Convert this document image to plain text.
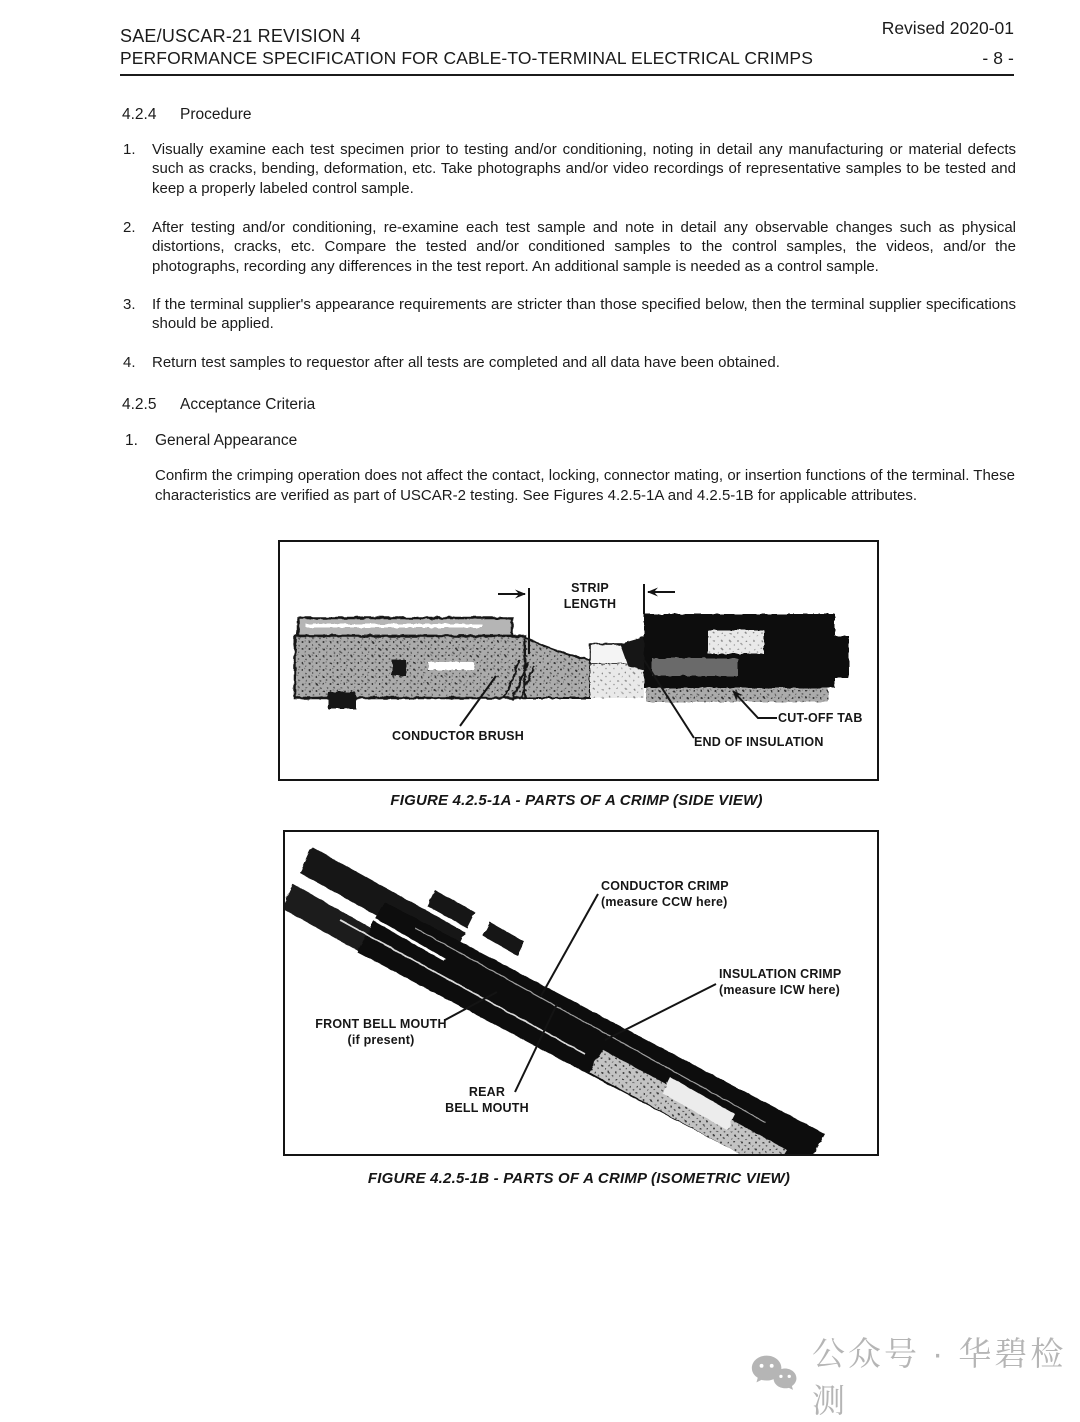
SAE/USCAR-21 REVISION 4	Revised 2020-01
PERFORMANCE SPECIFICATION FOR CABLE-TO-TERMINAL ELECTRICAL CRIMPS	- 8 -
4.2.4	Procedure
1.	Visually examine each test specimen prior to testing and/or conditioning, noting in detail any manufacturing or material defects such as cracks, bending, deformation, etc. Take photographs and/or video recordings of representative samples to be tested and keep a properly labeled control sample.
2.	After testing and/or conditioning, re-examine each test sample and note in detail any observable changes such as physical distortions, cracks, etc. Compare the tested and/or conditioned samples to the control samples, the videos, and/or the photographs, recording any differences in the test report. An additional sample is needed as a control sample.
3.	If the terminal supplier's appearance requirements are stricter than those specified below, then the terminal supplier specifications should be applied.
4.	Return test samples to requestor after all tests are completed and all data have been obtained.
4.2.5	Acceptance Criteria
1.	General Appearance
Confirm the crimping operation does not affect the contact, locking, connector mating, or insertion functions of the terminal. These characteristics are verified as part of USCAR-2 testing. See Figures 4.2.5-1A and 4.2.5-1B for applicable attributes.
STRIP
LENGTH
CONDUCTOR BRUSH	END OF INSULATION
CUT-OFF TAB
FIGURE 4.2.5-1A - PARTS OF A CRIMP (SIDE VIEW)
CONDUCTOR CRIMP
(measure CCW here)
INSULATION CRIMP
(measure ICW here)
FRONT BELL MOUTH
(if present)
REAR
BELL MOUTH
FIGURE 4.2.5-1B - PARTS OF A CRIMP (ISOMETRIC VIEW)
公众号 · 华碧检测
